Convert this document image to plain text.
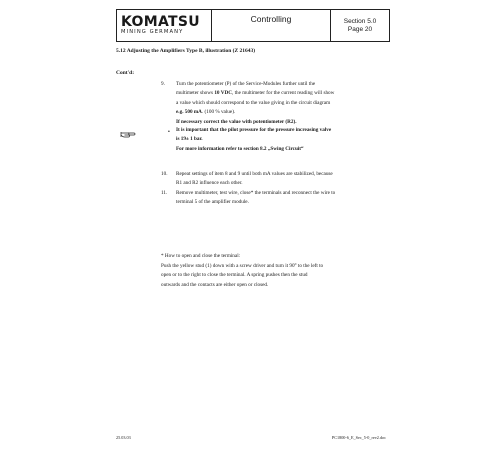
KOMATSU
MINING GERMANY
Controlling	Section 5.0
Page 20
5.12 Adjusting the Amplifiers Type B, illustration (Z 21643)
Cont'd:
9. Turn the potentiometer (P) of the Service-Modules further until the
multimeter shows 10 VDC, the multimeter for the current reading will show
a value which should correspond to the value giving in the circuit diagram
e.g. 500 mA. (100 % value).
If necessary correct the value with potentiometer (R2).
• It is important that the pilot pressure for the pressure increasing valve
is 19± 1 bar.
For more information refer to section 8.2 „Swing Circuit“
10. Repeat settings of item 8 and 9 until both mA values are stabilized, because
R1 and R2 influence each other.
11. Remove multimeter, test wire, close* the terminals and reconnect the wire to
terminal 5 of the amplifier module.
* How to open and close the terminal:
Push the yellow stud (1) down with a screw driver and turn it 90° to the left to
open or to the right to close the terminal. A spring pushes then the stud
outwards and the contacts are either open or closed.
25.03.03	PC1800-6_E_Sec_5-0_rev2.doc
